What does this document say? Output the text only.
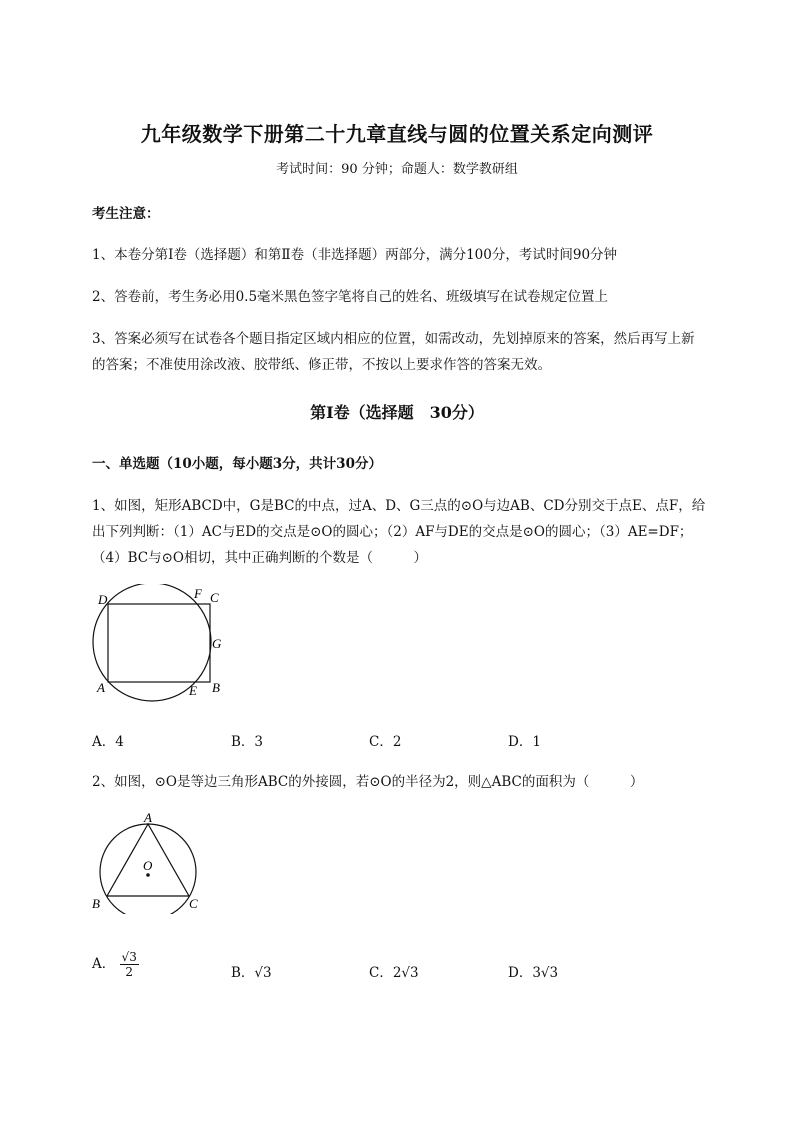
九年级数学下册第二十九章直线与圆的位置关系定向测评
考试时间：90 分钟；命题人：数学教研组
考生注意：
1、本卷分第Ⅰ卷（选择题）和第Ⅱ卷（非选择题）两部分，满分100分，考试时间90分钟
2、答卷前，考生务必用0.5毫米黑色签字笔将自己的姓名、班级填写在试卷规定位置上
3、答案必须写在试卷各个题目指定区域内相应的位置，如需改动，先划掉原来的答案，然后再写上新
的答案；不准使用涂改液、胶带纸、修正带，不按以上要求作答的答案无效。
第Ⅰ卷（选择题　30分）
一、单选题（10小题，每小题3分，共计30分）
1、如图，矩形ABCD中，G是BC的中点，过A、D、G三点的⊙O与边AB、CD分别交于点E、点F，给
出下列判断：（1）AC与ED的交点是⊙O的圆心；（2）AF与DE的交点是⊙O的圆心；（3）AE=DF；
（4）BC与⊙O相切，其中正确判断的个数是（　　　）
D	F C
G
A	E B
A．4	B．3	C．2	D．1
2、如图，⊙O是等边三角形ABC的外接圆，若⊙O的半径为2，则△ABC的面积为（　　　）
A
O
B	C
A． $\frac{√3}{2}$	B．√3	C．2√3	D．3√3
